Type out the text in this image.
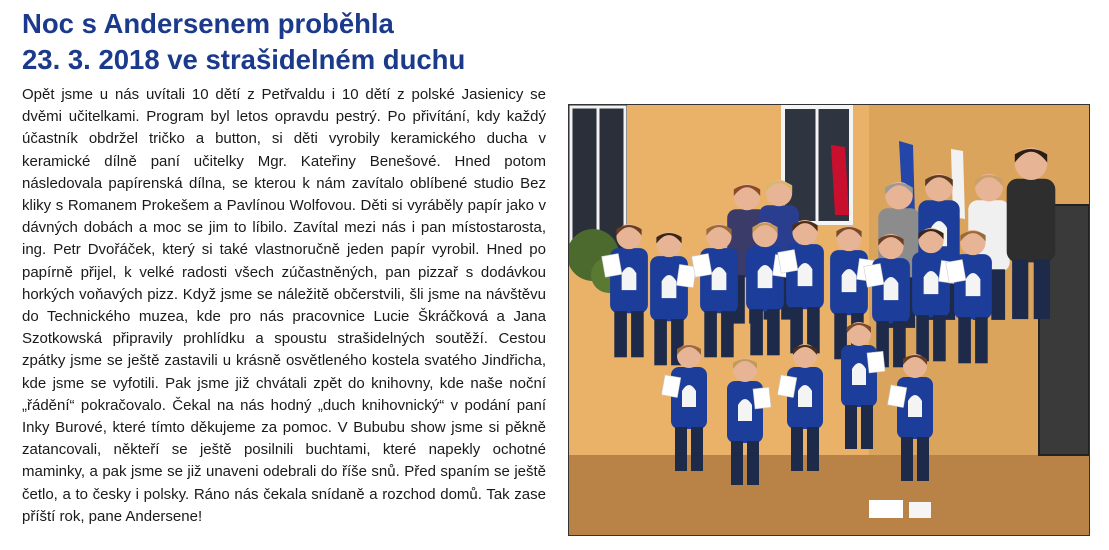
Noc s Andersenem proběhla
23. 3. 2018 ve strašidelném duchu

Opět jsme u nás uvítali 10 dětí z Petřvaldu i 10 dětí z polské Jasienicy se dvěmi učitelkami. Program byl letos opravdu pestrý. Po přivítání, kdy každý účastník obdržel tričko a button, si děti vyrobily keramického ducha v keramické dílně paní učitelky Mgr. Kateřiny Benešové. Hned potom následovala papírenská dílna, se kterou k nám zavítalo oblíbené studio Bez kliky s Romanem Prokešem a Pavlínou Wolfovou. Děti si vyráběly papír jako v dávných dobách a moc se jim to líbilo. Zavítal mezi nás i pan místostarosta, ing. Petr Dvořáček, který si také vlastnoručně jeden papír vyrobil. Hned po papírně přijel, k velké radosti všech zúčastněných, pan pizzař s dodávkou horkých voňavých pizz. Když jsme se náležitě občerstvili, šli jsme na návštěvu do Technického muzea, kde pro nás pracovnice Lucie Škráčková a Jana Szotkowská připravily prohlídku a spoustu strašidelných soutěží. Cestou zpátky jsme se ještě zastavili u krásně osvětleného kostela svatého Jindřicha, kde jsme se vyfotili. Pak jsme již chvátali zpět do knihovny, kde naše noční „řádění“ pokračovalo. Čekal na nás hodný „duch knihovnický“ v podání paní Inky Burové, které tímto děkujeme za pomoc. V Bububu show jsme si pěkně zatancovali, někteří se ještě posilnili buchtami, které napekly ochotné maminky, a pak jsme se již unaveni odebrali do říše snů. Před spaním se ještě četlo, a to česky i polsky. Ráno nás čekala snídaně a rozchod domů. Tak zase příští rok, pane Andersene!
